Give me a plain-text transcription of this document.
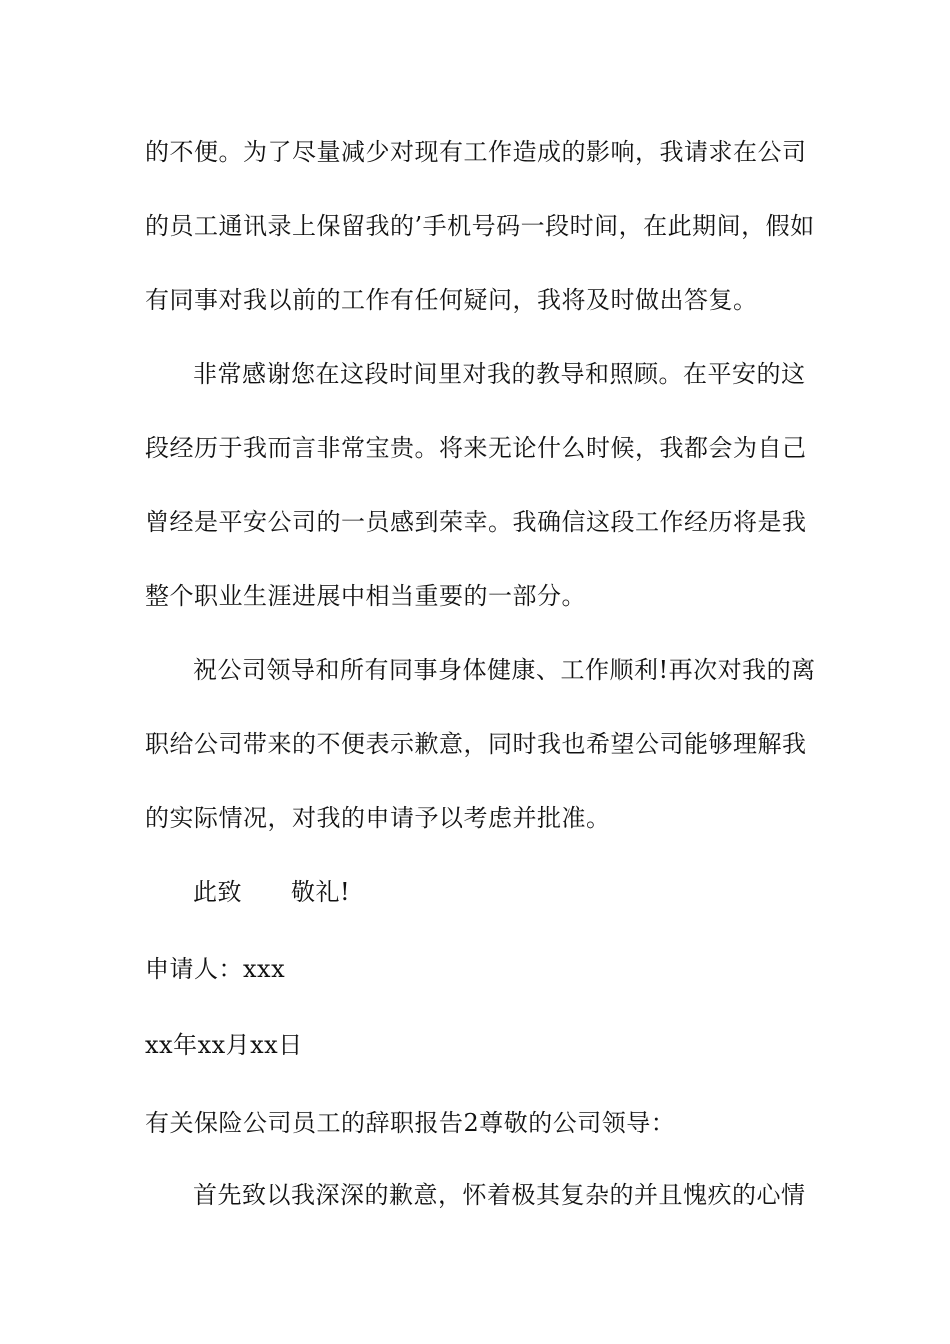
的不便。为了尽量减少对现有工作造成的影响，我请求在公司
的员工通讯录上保留我的’手机号码一段时间，在此期间，假如
有同事对我以前的工作有任何疑问，我将及时做出答复。
非常感谢您在这段时间里对我的教导和照顾。在平安的这
段经历于我而言非常宝贵。将来无论什么时候，我都会为自己
曾经是平安公司的一员感到荣幸。我确信这段工作经历将是我
整个职业生涯进展中相当重要的一部分。
祝公司领导和所有同事身体健康、工作顺利!再次对我的离
职给公司带来的不便表示歉意，同时我也希望公司能够理解我
的实际情况，对我的申请予以考虑并批准。
此致　　敬礼!
申请人：xxx
xx年xx月xx日
有关保险公司员工的辞职报告2尊敬的公司领导：
首先致以我深深的歉意，怀着极其复杂的并且愧疚的心情
